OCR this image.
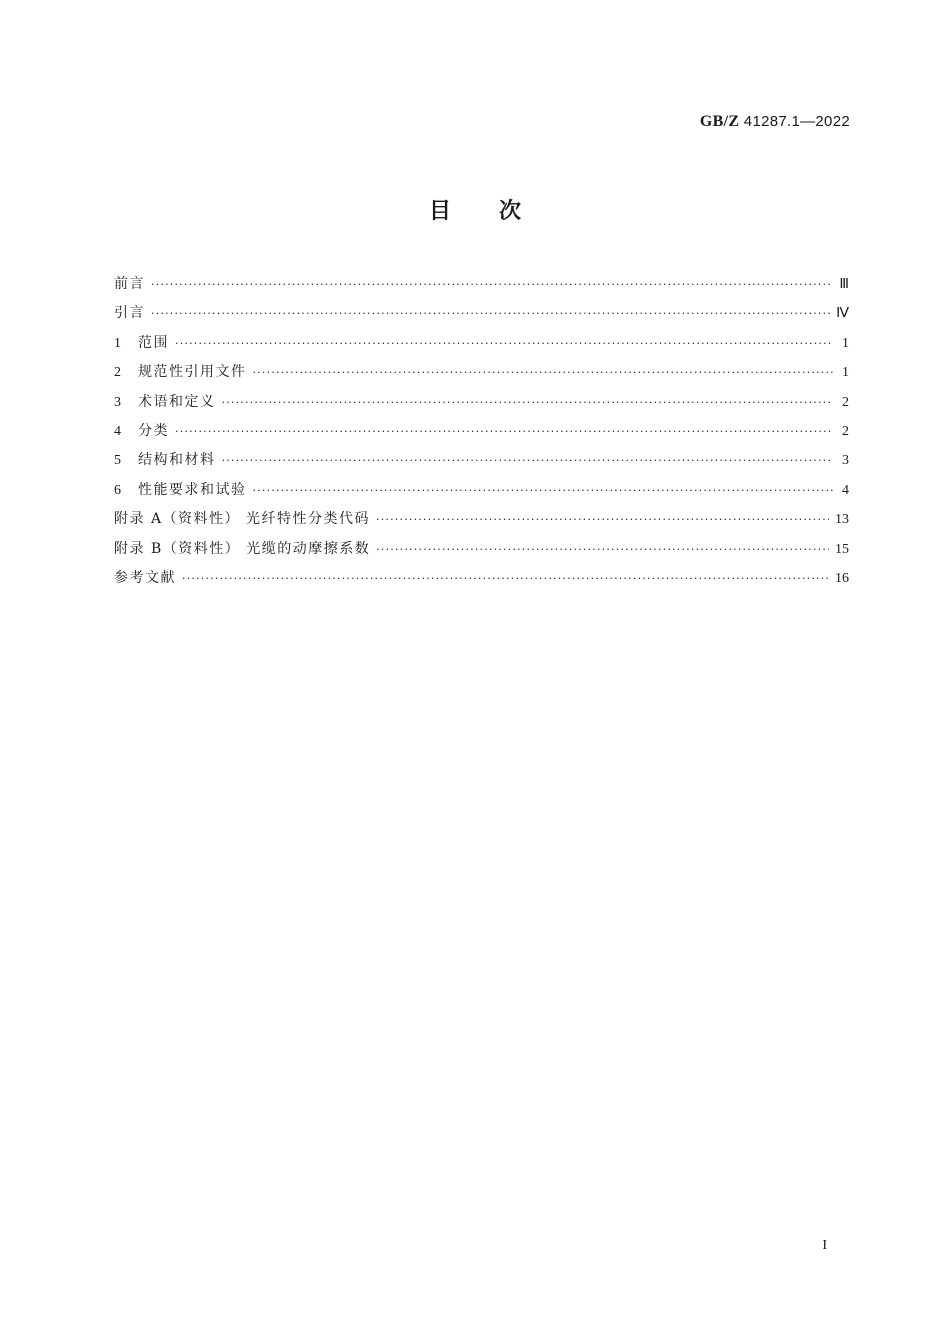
GB/Z 41287.1—2022
目 次
前言 ·····	Ⅲ
引言 ·····	Ⅳ
1	范围 ·····	1
2	规范性引用文件 ·····	1
3	术语和定义 ·····	2
4	分类 ·····	2
5	结构和材料 ·····	3
6	性能要求和试验 ·····	4
附录 A（资料性） 光纤特性分类代码 ·····	13
附录 B（资料性） 光缆的动摩擦系数 ·····	15
参考文献 ·····	16
I
